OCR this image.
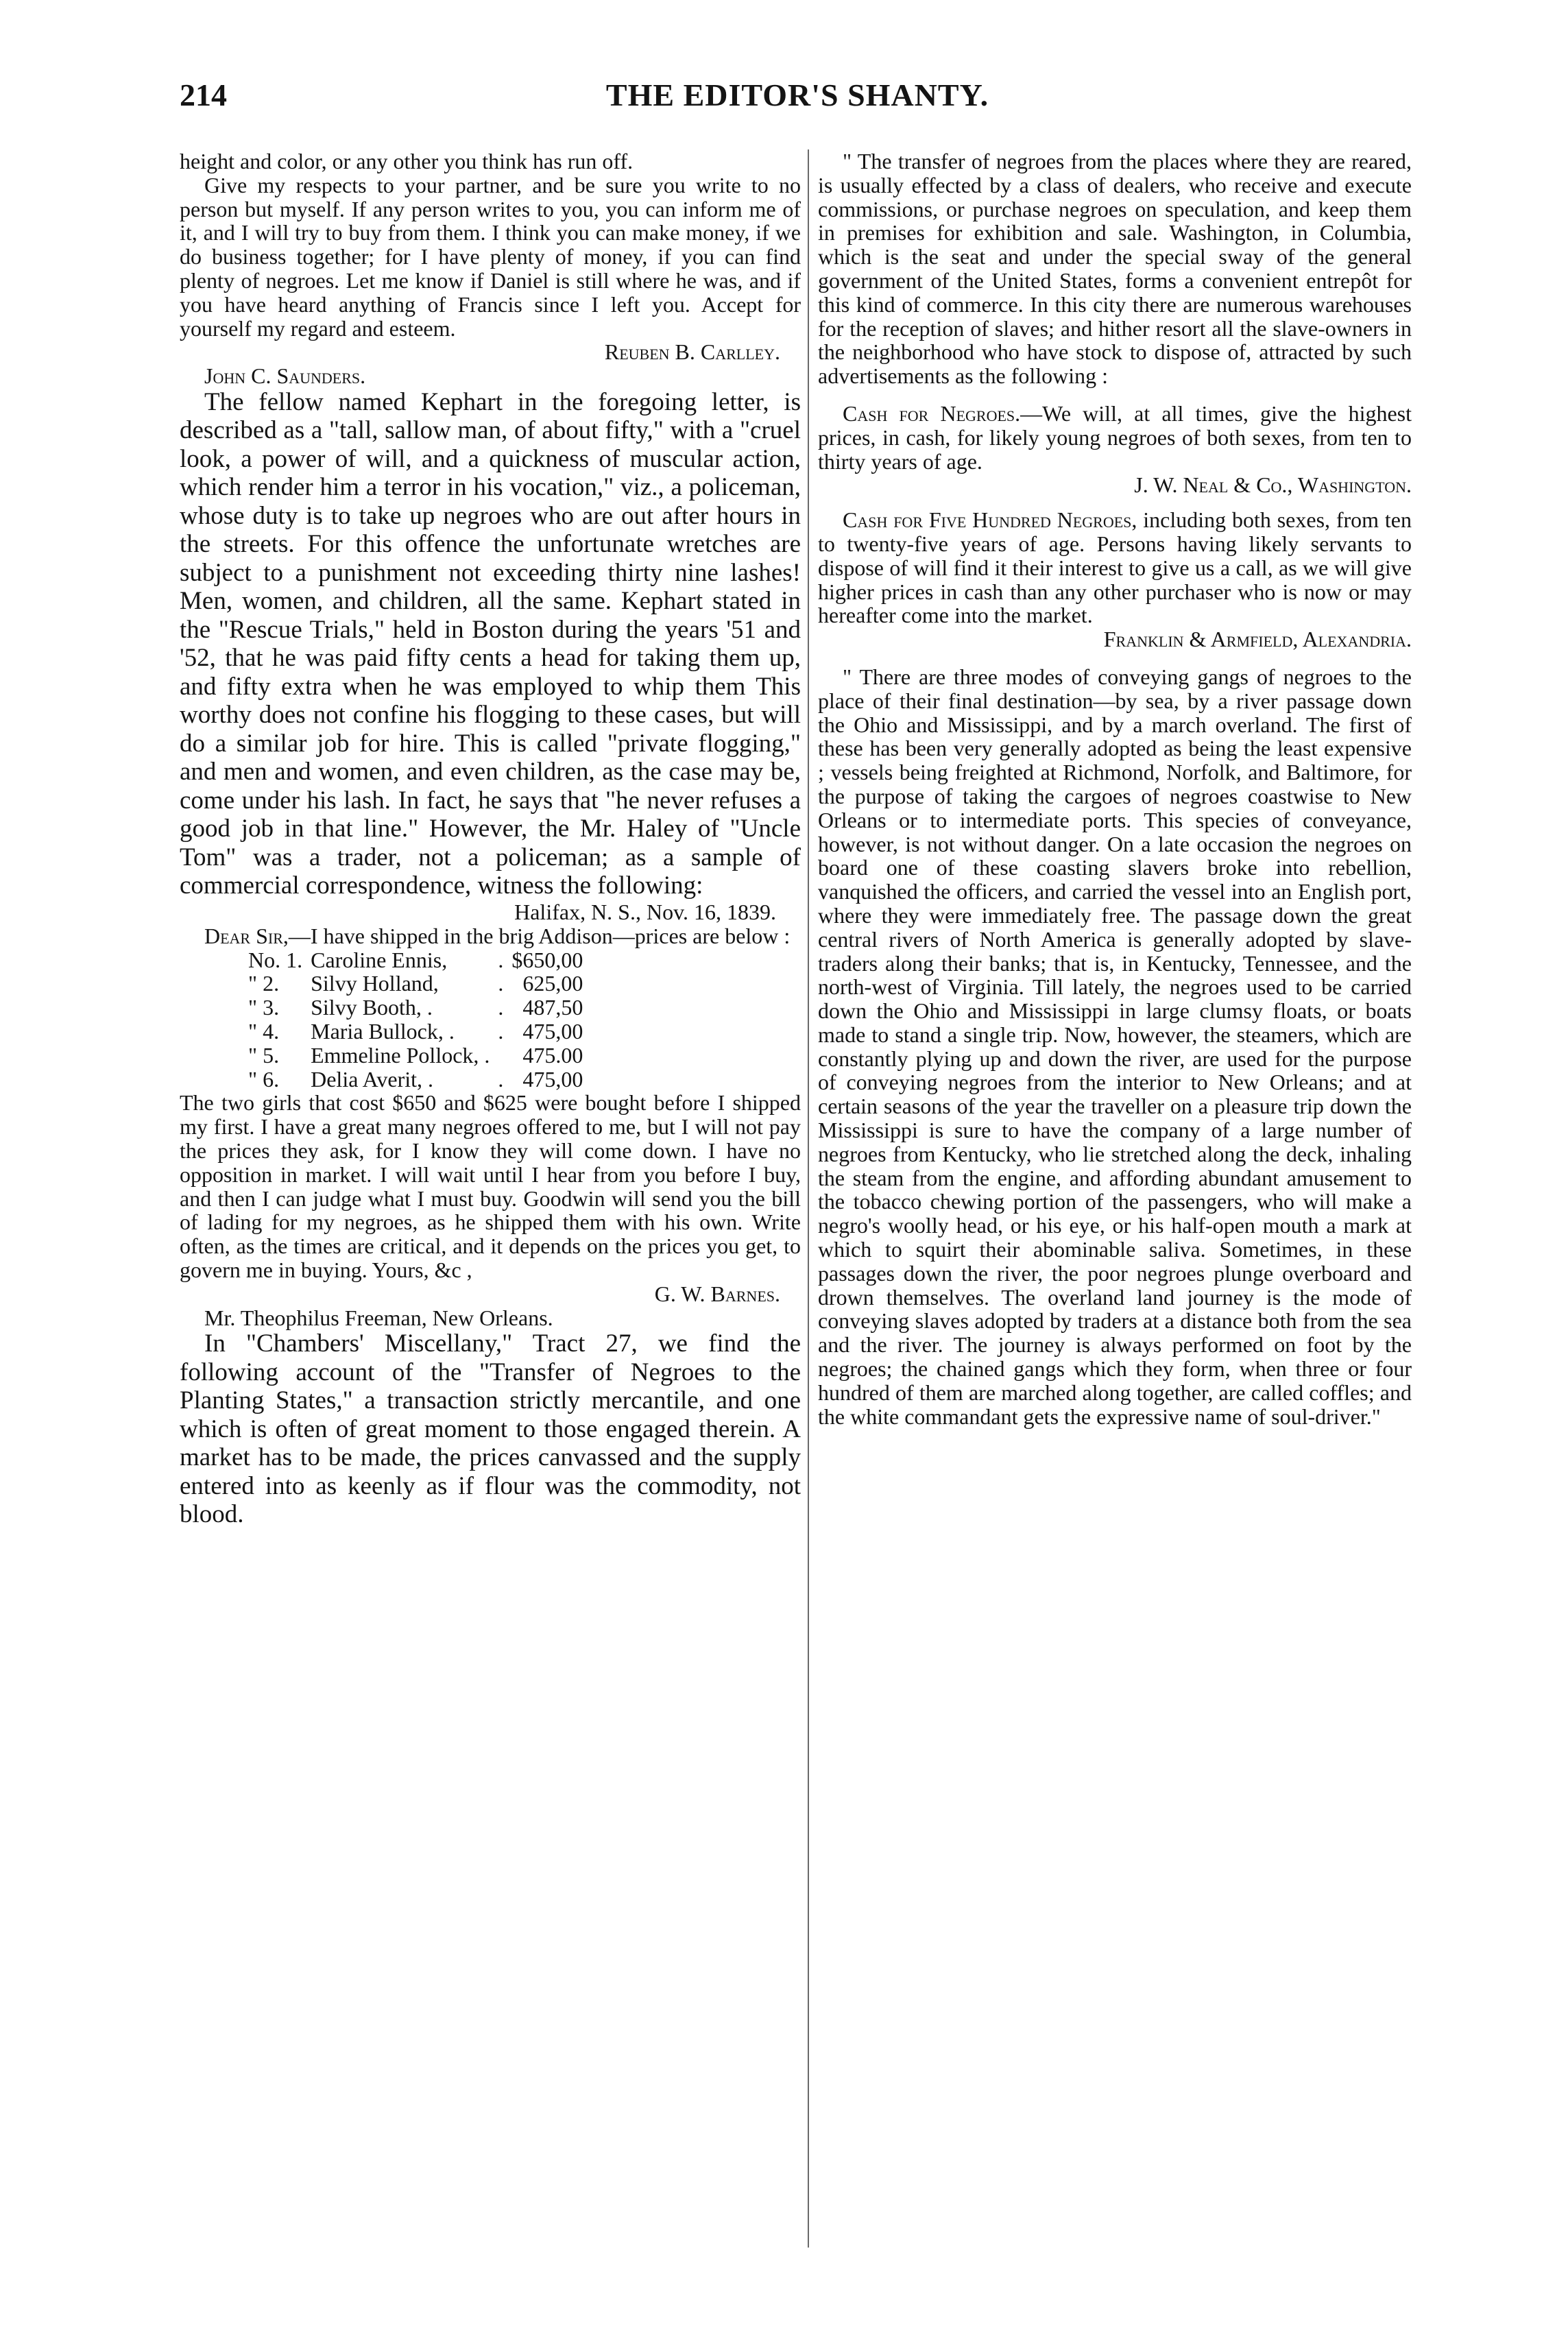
214	THE EDITOR'S SHANTY.

height and color, or any other you think has run off.

Give my respects to your partner, and be sure you write to no person but myself. If any person writes to you, you can inform me of it, and I will try to buy from them. I think you can make money, if we do business together; for I have plenty of money, if you can find plenty of negroes. Let me know if Daniel is still where he was, and if you have heard anything of Francis since I left you. Accept for yourself my regard and esteem.

Reuben B. Carlley.

John C. Saunders.

The fellow named Kephart in the foregoing letter, is described as a "tall, sallow man, of about fifty," with a "cruel look, a power of will, and a quickness of muscular action, which render him a terror in his vocation," viz., a policeman, whose duty is to take up negroes who are out after hours in the streets. For this offence the unfortunate wretches are subject to a punishment not exceeding thirty nine lashes! Men, women, and children, all the same. Kephart stated in the "Rescue Trials," held in Boston during the years '51 and '52, that he was paid fifty cents a head for taking them up, and fifty extra when he was employed to whip them This worthy does not confine his flogging to these cases, but will do a similar job for hire. This is called "private flogging," and men and women, and even children, as the case may be, come under his lash. In fact, he says that "he never refuses a good job in that line." However, the Mr. Haley of "Uncle Tom" was a trader, not a policeman; as a sample of commercial correspondence, witness the following:

Halifax, N. S., Nov. 16, 1839.

Dear Sir,—I have shipped in the brig Addison—prices are below :

No. 1.	Caroline Ennis,	.	$650,00
" 2.	Silvy Holland,	.	625,00
" 3.	Silvy Booth, .	.	487,50
" 4.	Maria Bullock, .	.	475,00
" 5.	Emmeline Pollock, .		475.00
" 6.	Delia Averit, .	.	475,00

The two girls that cost $650 and $625 were bought before I shipped my first. I have a great many negroes offered to me, but I will not pay the prices they ask, for I know they will come down. I have no opposition in market. I will wait until I hear from you before I buy, and then I can judge what I must buy. Goodwin will send you the bill of lading for my negroes, as he shipped them with his own. Write often, as the times are critical, and it depends on the prices you get, to govern me in buying. Yours, &c ,

G. W. Barnes.

Mr. Theophilus Freeman, New Orleans.

In "Chambers' Miscellany," Tract 27, we find the following account of the "Transfer of Negroes to the Planting States," a transaction strictly mercantile, and one which is often of great moment to those engaged therein. A market has to be made, the prices canvassed and the supply entered into as keenly as if flour was the commodity, not blood.

" The transfer of negroes from the places where they are reared, is usually effected by a class of dealers, who receive and execute commissions, or purchase negroes on speculation, and keep them in premises for exhibition and sale. Washington, in Columbia, which is the seat and under the special sway of the general government of the United States, forms a convenient entrepôt for this kind of commerce. In this city there are numerous warehouses for the reception of slaves; and hither resort all the slave-owners in the neighborhood who have stock to dispose of, attracted by such advertisements as the following :

Cash for Negroes.—We will, at all times, give the highest prices, in cash, for likely young negroes of both sexes, from ten to thirty years of age.
J. W. Neal & Co., Washington.

Cash for Five Hundred Negroes, including both sexes, from ten to twenty-five years of age. Persons having likely servants to dispose of will find it their interest to give us a call, as we will give higher prices in cash than any other purchaser who is now or may hereafter come into the market.
Franklin & Armfield, Alexandria.

" There are three modes of conveying gangs of negroes to the place of their final destination—by sea, by a river passage down the Ohio and Mississippi, and by a march overland. The first of these has been very generally adopted as being the least expensive ; vessels being freighted at Richmond, Norfolk, and Baltimore, for the purpose of taking the cargoes of negroes coastwise to New Orleans or to intermediate ports. This species of conveyance, however, is not without danger. On a late occasion the negroes on board one of these coasting slavers broke into rebellion, vanquished the officers, and carried the vessel into an English port, where they were immediately free. The passage down the great central rivers of North America is generally adopted by slave-traders along their banks; that is, in Kentucky, Tennessee, and the north-west of Virginia. Till lately, the negroes used to be carried down the Ohio and Mississippi in large clumsy floats, or boats made to stand a single trip. Now, however, the steamers, which are constantly plying up and down the river, are used for the purpose of conveying negroes from the interior to New Orleans; and at certain seasons of the year the traveller on a pleasure trip down the Mississippi is sure to have the company of a large number of negroes from Kentucky, who lie stretched along the deck, inhaling the steam from the engine, and affording abundant amusement to the tobacco chewing portion of the passengers, who will make a negro's woolly head, or his eye, or his half-open mouth a mark at which to squirt their abominable saliva. Sometimes, in these passages down the river, the poor negroes plunge overboard and drown themselves. The overland land journey is the mode of conveying slaves adopted by traders at a distance both from the sea and the river. The journey is always performed on foot by the negroes; the chained gangs which they form, when three or four hundred of them are marched along together, are called coffles; and the white commandant gets the expressive name of soul-driver."
